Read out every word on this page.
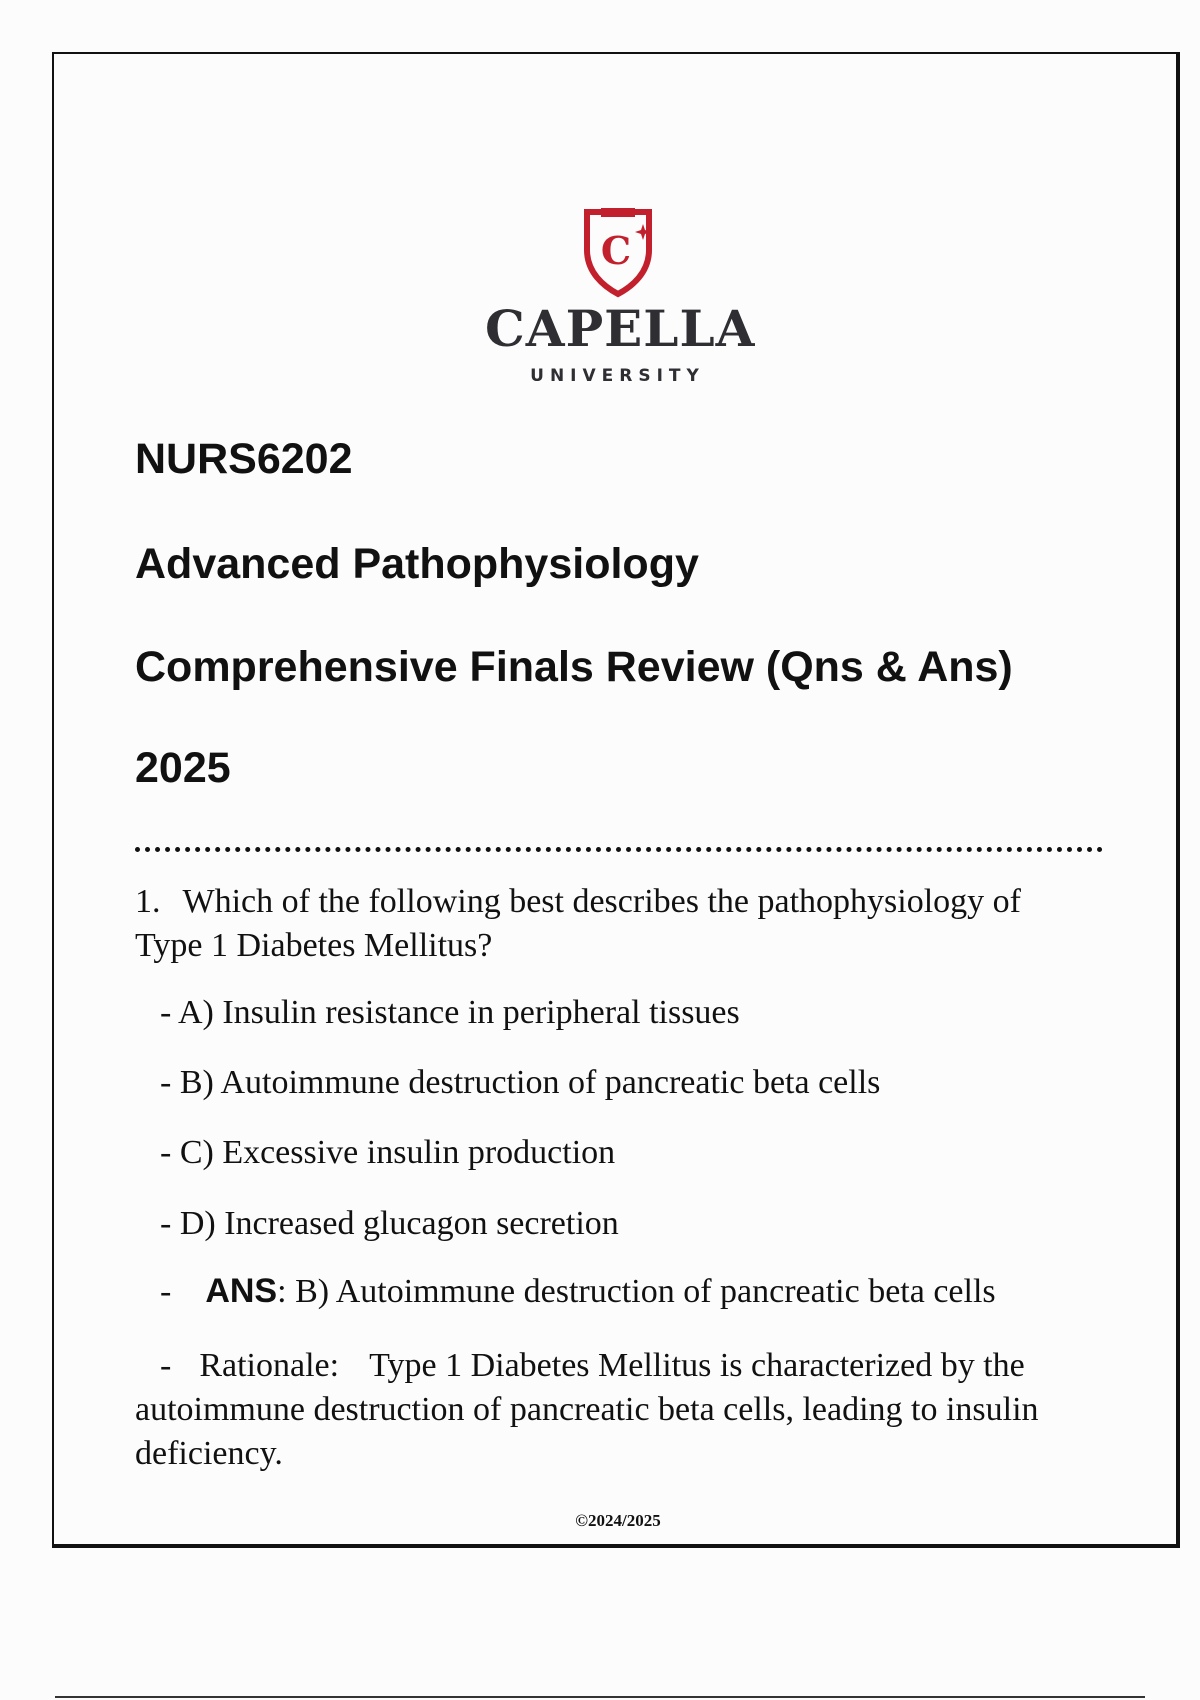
C
CAPELLA
UNIVERSITY
NURS6202
Advanced Pathophysiology
Comprehensive Finals Review (Qns & Ans)
2025
1. Which of the following best describes the pathophysiology of Type 1 Diabetes Mellitus?
- A) Insulin resistance in peripheral tissues
- B) Autoimmune destruction of pancreatic beta cells
- C) Excessive insulin production
- D) Increased glucagon secretion
- ANS: B) Autoimmune destruction of pancreatic beta cells
- Rationale: Type 1 Diabetes Mellitus is characterized by the autoimmune destruction of pancreatic beta cells, leading to insulin deficiency.
©2024/2025
